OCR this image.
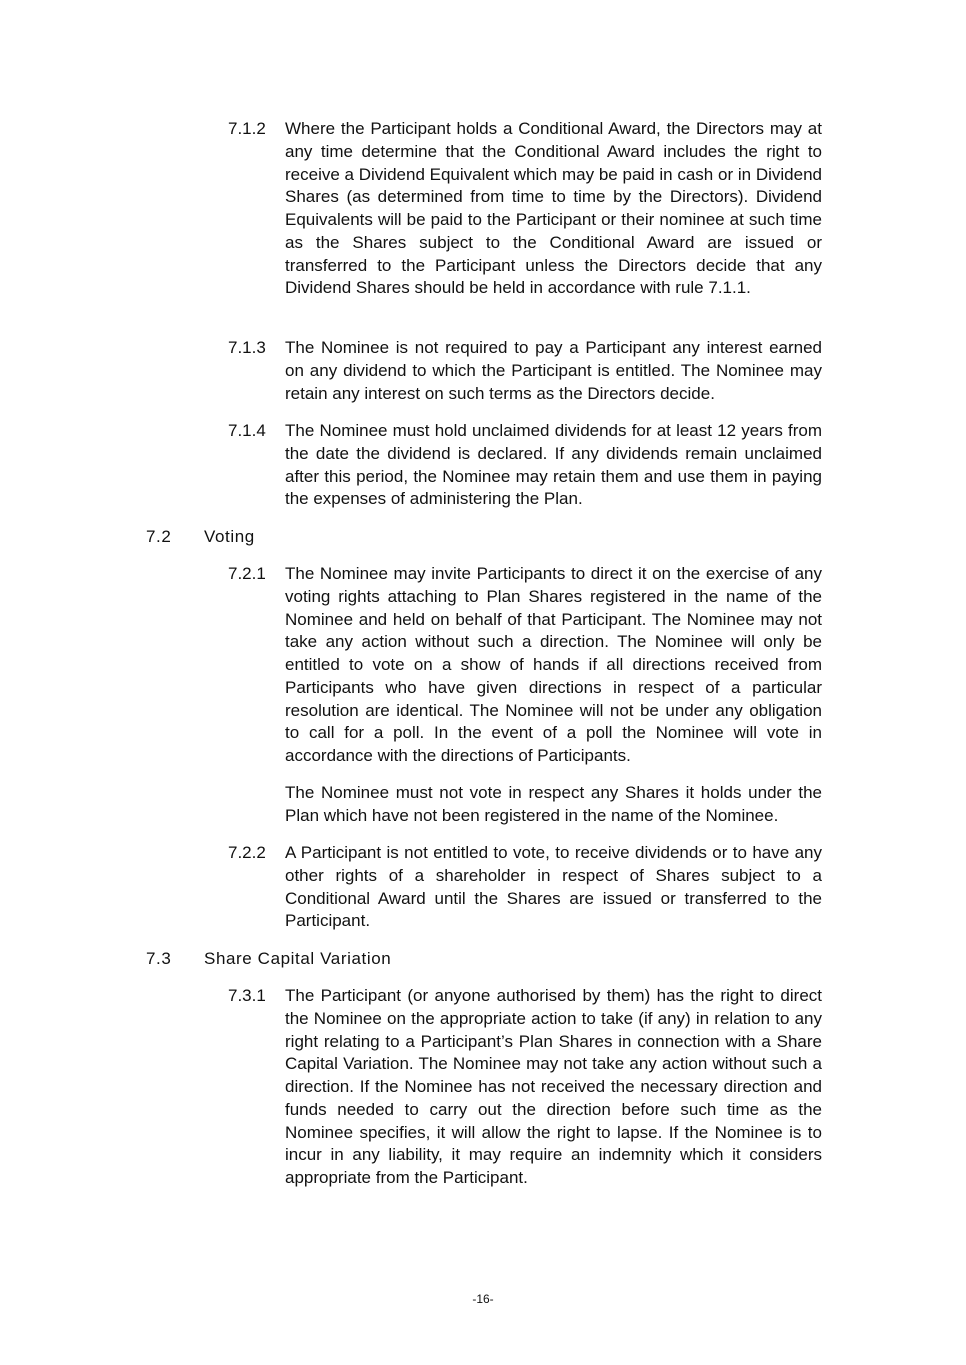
7.1.2 Where the Participant holds a Conditional Award, the Directors may at any time determine that the Conditional Award includes the right to receive a Dividend Equivalent which may be paid in cash or in Dividend Shares (as determined from time to time by the Directors). Dividend Equivalents will be paid to the Participant or their nominee at such time as the Shares subject to the Conditional Award are issued or transferred to the Participant unless the Directors decide that any Dividend Shares should be held in accordance with rule 7.1.1.

7.1.3 The Nominee is not required to pay a Participant any interest earned on any dividend to which the Participant is entitled. The Nominee may retain any interest on such terms as the Directors decide.

7.1.4 The Nominee must hold unclaimed dividends for at least 12 years from the date the dividend is declared. If any dividends remain unclaimed after this period, the Nominee may retain them and use them in paying the expenses of administering the Plan.

7.2 Voting
7.2.1 The Nominee may invite Participants to direct it on the exercise of any voting rights attaching to Plan Shares registered in the name of the Nominee and held on behalf of that Participant. The Nominee may not take any action without such a direction. The Nominee will only be entitled to vote on a show of hands if all directions received from Participants who have given directions in respect of a particular resolution are identical. The Nominee will not be under any obligation to call for a poll. In the event of a poll the Nominee will vote in accordance with the directions of Participants.

The Nominee must not vote in respect any Shares it holds under the Plan which have not been registered in the name of the Nominee.

7.2.2 A Participant is not entitled to vote, to receive dividends or to have any other rights of a shareholder in respect of Shares subject to a Conditional Award until the Shares are issued or transferred to the Participant.

7.3 Share Capital Variation
7.3.1 The Participant (or anyone authorised by them) has the right to direct the Nominee on the appropriate action to take (if any) in relation to any right relating to a Participant’s Plan Shares in connection with a Share Capital Variation. The Nominee may not take any action without such a direction. If the Nominee has not received the necessary direction and funds needed to carry out the direction before such time as the Nominee specifies, it will allow the right to lapse. If the Nominee is to incur in any liability, it may require an indemnity which it considers appropriate from the Participant.

-16-
